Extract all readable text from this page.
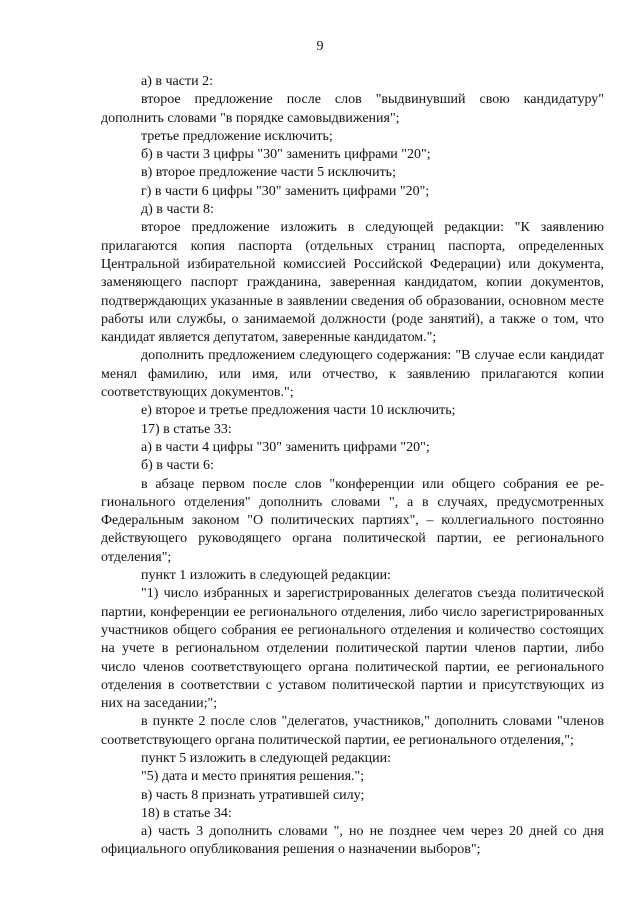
9

а) в части 2:

второе предложение после слов "выдвинувший свою кандидатуру" дополнить словами "в порядке самовыдвижения";

третье предложение исключить;

б) в части 3 цифры "30" заменить цифрами "20";

в) второе предложение части 5 исключить;

г) в части 6 цифры "30" заменить цифрами "20";

д) в части 8:

второе предложение изложить в следующей редакции: "К заявлению прилагаются копия паспорта (отдельных страниц паспорта, определенных Центральной избирательной комиссией Российской Федерации) или документа, заменяющего паспорт гражданина, заверенная кандидатом, копии документов, подтверждающих указанные в заявлении сведения об образовании, основном месте работы или службы, о занимаемой должности (роде занятий), а также о том, что кандидат является депутатом, заверенные кандидатом.";

дополнить предложением следующего содержания: "В случае если кандидат менял фамилию, или имя, или отчество, к заявлению прилагаются копии соответствующих документов.";

е) второе и третье предложения части 10 исключить;

17) в статье 33:

а) в части 4 цифры "30" заменить цифрами "20";

б) в части 6:

в абзаце первом после слов "конференции или общего собрания ее регионального отделения" дополнить словами ", а в случаях, предусмотренных Федеральным законом "О политических партиях", – коллегиального постоянно действующего руководящего органа политической партии, ее регионального отделения";

пункт 1 изложить в следующей редакции:

"1) число избранных и зарегистрированных делегатов съезда политической партии, конференции ее регионального отделения, либо число зарегистрированных участников общего собрания ее регионального отделения и количество состоящих на учете в региональном отделении политической партии членов партии, либо число членов соответствующего органа политической партии, ее регионального отделения в соответствии с уставом политической партии и присутствующих из них на заседании;";

в пункте 2 после слов "делегатов, участников," дополнить словами "членов соответствующего органа политической партии, ее регионального отделения,";

пункт 5 изложить в следующей редакции:

"5) дата и место принятия решения.";

в) часть 8 признать утратившей силу;

18) в статье 34:

а) часть 3 дополнить словами ", но не позднее чем через 20 дней со дня официального опубликования решения о назначении выборов";
